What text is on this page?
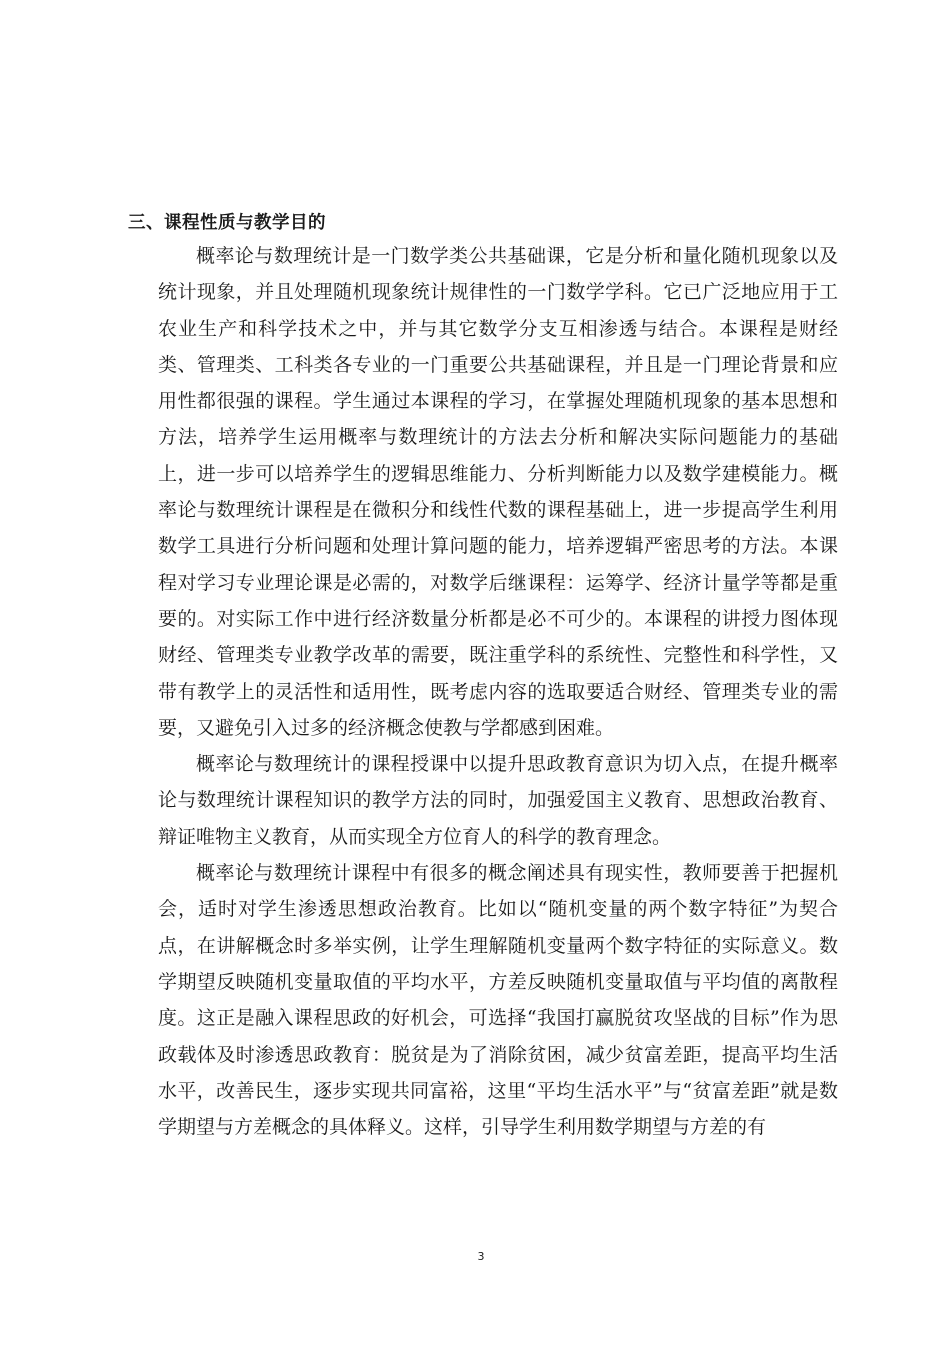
三、课程性质与教学目的

概率论与数理统计是一门数学类公共基础课，它是分析和量化随机现象以及统计现象，并且处理随机现象统计规律性的一门数学学科。它已广泛地应用于工农业生产和科学技术之中，并与其它数学分支互相渗透与结合。本课程是财经类、管理类、工科类各专业的一门重要公共基础课程，并且是一门理论背景和应用性都很强的课程。学生通过本课程的学习，在掌握处理随机现象的基本思想和方法，培养学生运用概率与数理统计的方法去分析和解决实际问题能力的基础上，进一步可以培养学生的逻辑思维能力、分析判断能力以及数学建模能力。概率论与数理统计课程是在微积分和线性代数的课程基础上，进一步提高学生利用数学工具进行分析问题和处理计算问题的能力，培养逻辑严密思考的方法。本课程对学习专业理论课是必需的，对数学后继课程：运筹学、经济计量学等都是重要的。对实际工作中进行经济数量分析都是必不可少的。本课程的讲授力图体现财经、管理类专业教学改革的需要，既注重学科的系统性、完整性和科学性，又带有教学上的灵活性和适用性，既考虑内容的选取要适合财经、管理类专业的需要，又避免引入过多的经济概念使教与学都感到困难。

概率论与数理统计的课程授课中以提升思政教育意识为切入点，在提升概率论与数理统计课程知识的教学方法的同时，加强爱国主义教育、思想政治教育、辩证唯物主义教育，从而实现全方位育人的科学的教育理念。

概率论与数理统计课程中有很多的概念阐述具有现实性，教师要善于把握机会，适时对学生渗透思想政治教育。比如以“随机变量的两个数字特征”为契合点，在讲解概念时多举实例，让学生理解随机变量两个数字特征的实际意义。数学期望反映随机变量取值的平均水平，方差反映随机变量取值与平均值的离散程度。这正是融入课程思政的好机会，可选择“我国打赢脱贫攻坚战的目标”作为思政载体及时渗透思政教育：脱贫是为了消除贫困，减少贫富差距，提高平均生活水平，改善民生，逐步实现共同富裕，这里“平均生活水平”与“贫富差距”就是数学期望与方差概念的具体释义。这样，引导学生利用数学期望与方差的有

3
